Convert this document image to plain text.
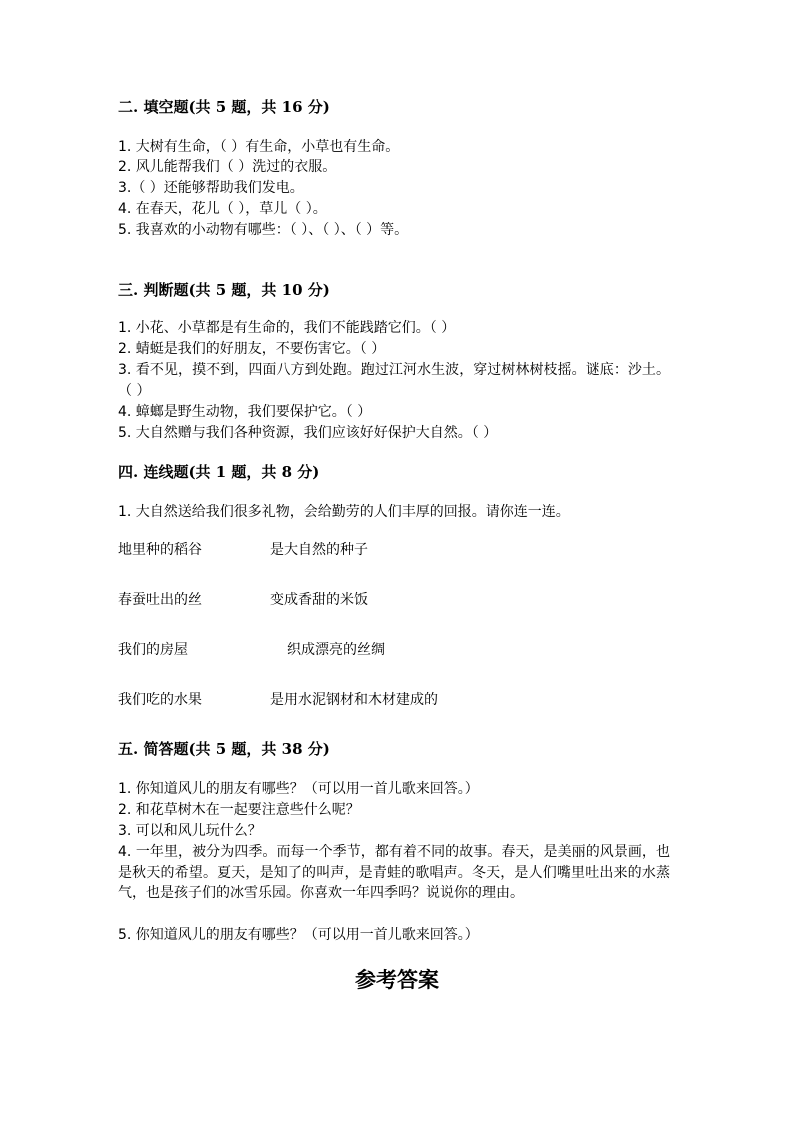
二. 填空题(共 5 题，共 16 分)
1. 大树有生命，（ ）有生命，小草也有生命。
2. 风儿能帮我们（ ）洗过的衣服。
3.（ ）还能够帮助我们发电。
4. 在春天，花儿（ ），草儿（ ）。
5. 我喜欢的小动物有哪些：（ ）、（ ）、（ ）等。
三. 判断题(共 5 题，共 10 分)
1. 小花、小草都是有生命的，我们不能践踏它们。（ ）
2. 蜻蜓是我们的好朋友，不要伤害它。（ ）
3. 看不见，摸不到，四面八方到处跑。跑过江河水生波，穿过树林树枝摇。谜底：沙土。（ ）
4. 蟑螂是野生动物，我们要保护它。（ ）
5. 大自然赠与我们各种资源，我们应该好好保护大自然。（ ）
四. 连线题(共 1 题，共 8 分)
1. 大自然送给我们很多礼物，会给勤劳的人们丰厚的回报。请你连一连。
地里种的稻谷	是大自然的种子
春蚕吐出的丝	变成香甜的米饭
我们的房屋	织成漂亮的丝绸
我们吃的水果	是用水泥钢材和木材建成的
五. 简答题(共 5 题，共 38 分)
1. 你知道风儿的朋友有哪些？（可以用一首儿歌来回答。）
2. 和花草树木在一起要注意些什么呢？
3. 可以和风儿玩什么？
4. 一年里，被分为四季。而每一个季节，都有着不同的故事。春天，是美丽的风景画，也是秋天的希望。夏天，是知了的叫声，是青蛙的歌唱声。冬天，是人们嘴里吐出来的水蒸气，也是孩子们的冰雪乐园。你喜欢一年四季吗？说说你的理由。
5. 你知道风儿的朋友有哪些？（可以用一首儿歌来回答。）
参考答案
